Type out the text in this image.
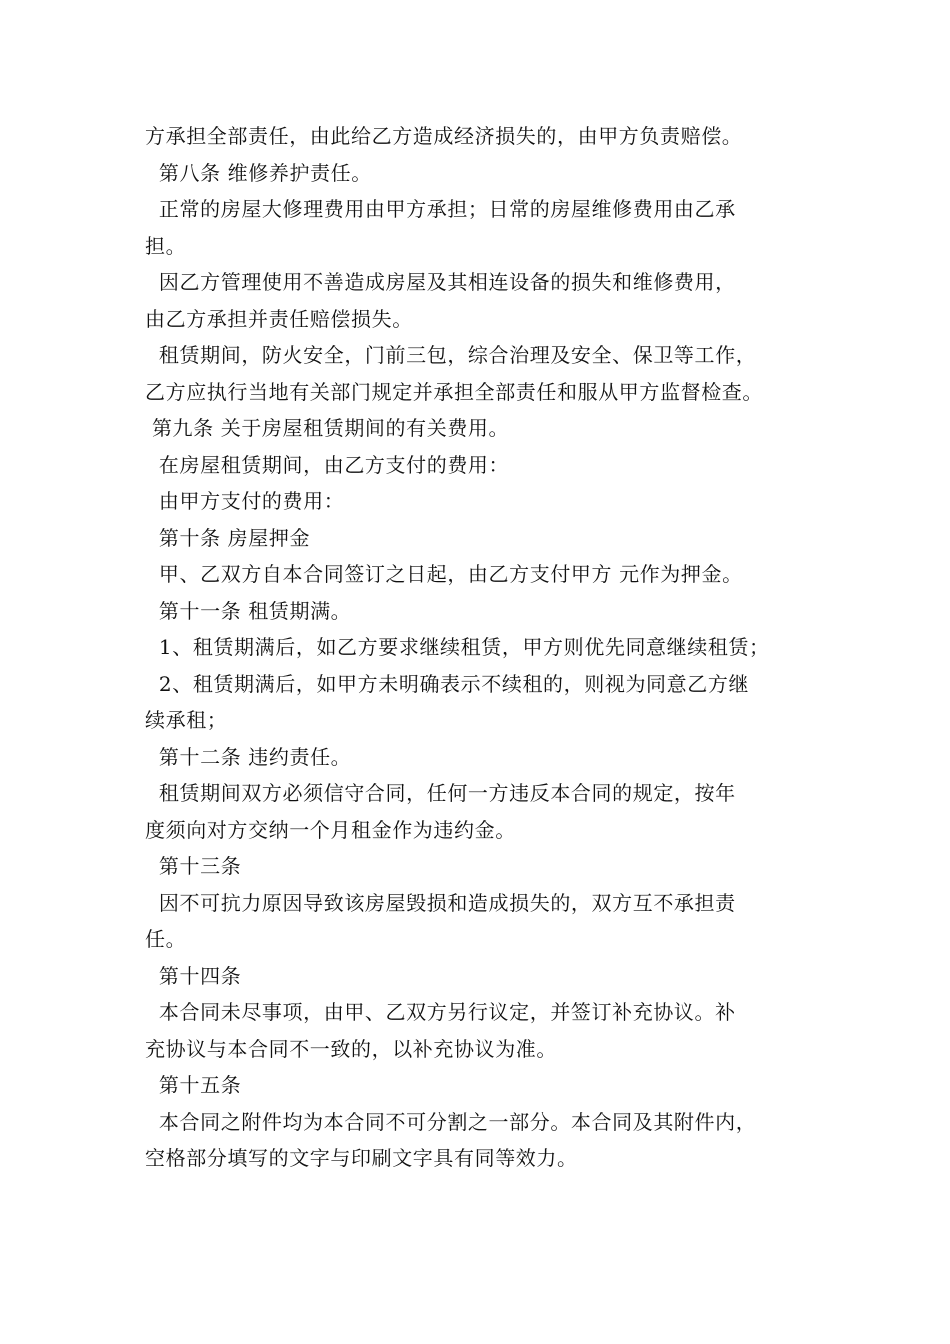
方承担全部责任，由此给乙方造成经济损失的，由甲方负责赔偿。
第八条 维修养护责任。
正常的房屋大修理费用由甲方承担；日常的房屋维修费用由乙承
担。
因乙方管理使用不善造成房屋及其相连设备的损失和维修费用，
由乙方承担并责任赔偿损失。
租赁期间，防火安全，门前三包，综合治理及安全、保卫等工作，
乙方应执行当地有关部门规定并承担全部责任和服从甲方监督检查。
第九条 关于房屋租赁期间的有关费用。
在房屋租赁期间，由乙方支付的费用：
由甲方支付的费用：
第十条 房屋押金
甲、乙双方自本合同签订之日起，由乙方支付甲方 元作为押金。
第十一条 租赁期满。
1、租赁期满后，如乙方要求继续租赁，甲方则优先同意继续租赁；
2、租赁期满后，如甲方未明确表示不续租的，则视为同意乙方继
续承租；
第十二条 违约责任。
租赁期间双方必须信守合同，任何一方违反本合同的规定，按年
度须向对方交纳一个月租金作为违约金。
第十三条
因不可抗力原因导致该房屋毁损和造成损失的，双方互不承担责
任。
第十四条
本合同未尽事项，由甲、乙双方另行议定，并签订补充协议。补
充协议与本合同不一致的，以补充协议为准。
第十五条
本合同之附件均为本合同不可分割之一部分。本合同及其附件内，
空格部分填写的文字与印刷文字具有同等效力。
